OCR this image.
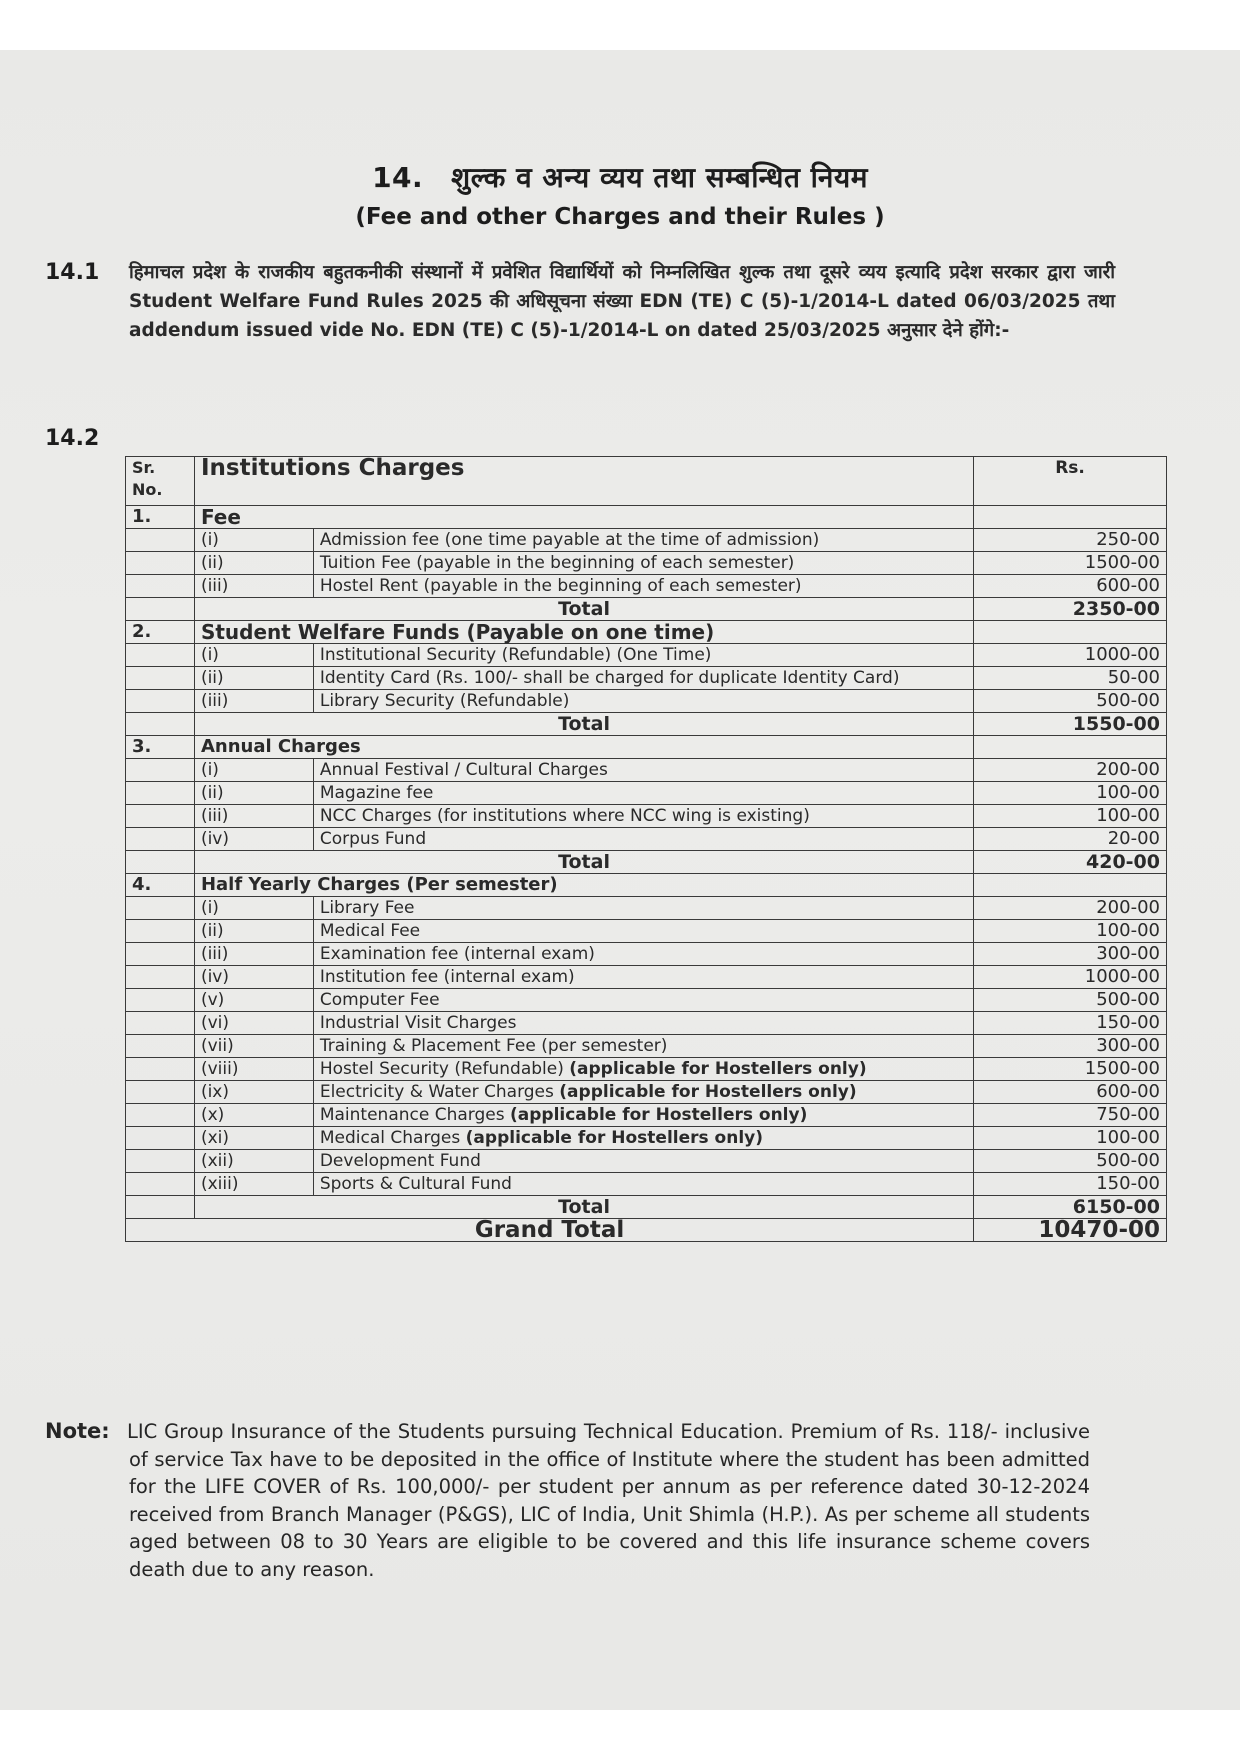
14. शुल्क व अन्य व्यय तथा सम्बन्धित नियम
(Fee and other Charges and their Rules )
14.1 हिमाचल प्रदेश के राजकीय बहुतकनीकी संस्थानों में प्रवेशित विद्यार्थियों को निम्नलिखित शुल्क तथा दूसरे व्यय इत्यादि प्रदेश सरकार द्वारा जारी Student Welfare Fund Rules 2025 की अधिसूचना संख्या EDN (TE) C (5)-1/2014-L dated 06/03/2025 तथा addendum issued vide No. EDN (TE) C (5)-1/2014-L on dated 25/03/2025 अनुसार देने होंगे:-
14.2
Sr. No.	Institutions Charges		Rs.
1.	Fee		
	(i)	Admission fee (one time payable at the time of admission)	250-00
	(ii)	Tuition Fee (payable in the beginning of each semester)	1500-00
	(iii)	Hostel Rent (payable in the beginning of each semester)	600-00
	Total		2350-00
2.	Student Welfare Funds (Payable on one time)		
	(i)	Institutional Security (Refundable) (One Time)	1000-00
	(ii)	Identity Card (Rs. 100/- shall be charged for duplicate Identity Card)	50-00
	(iii)	Library Security (Refundable)	500-00
	Total		1550-00
3.	Annual Charges		
	(i)	Annual Festival / Cultural Charges	200-00
	(ii)	Magazine fee	100-00
	(iii)	NCC Charges (for institutions where NCC wing is existing)	100-00
	(iv)	Corpus Fund	20-00
	Total		420-00
4.	Half Yearly Charges (Per semester)		
	(i)	Library Fee	200-00
	(ii)	Medical Fee	100-00
	(iii)	Examination fee (internal exam)	300-00
	(iv)	Institution fee (internal exam)	1000-00
	(v)	Computer Fee	500-00
	(vi)	Industrial Visit Charges	150-00
	(vii)	Training & Placement Fee (per semester)	300-00
	(viii)	Hostel Security (Refundable) (applicable for Hostellers only)	1500-00
	(ix)	Electricity & Water Charges (applicable for Hostellers only)	600-00
	(x)	Maintenance Charges (applicable for Hostellers only)	750-00
	(xi)	Medical Charges (applicable for Hostellers only)	100-00
	(xii)	Development Fund	500-00
	(xiii)	Sports & Cultural Fund	150-00
	Total		6150-00
Grand Total			10470-00
Note: LIC Group Insurance of the Students pursuing Technical Education. Premium of Rs. 118/- inclusive of service Tax have to be deposited in the office of Institute where the student has been admitted for the LIFE COVER of Rs. 100,000/- per student per annum as per reference dated 30-12-2024 received from Branch Manager (P&GS), LIC of India, Unit Shimla (H.P.). As per scheme all students aged between 08 to 30 Years are eligible to be covered and this life insurance scheme covers death due to any reason.
